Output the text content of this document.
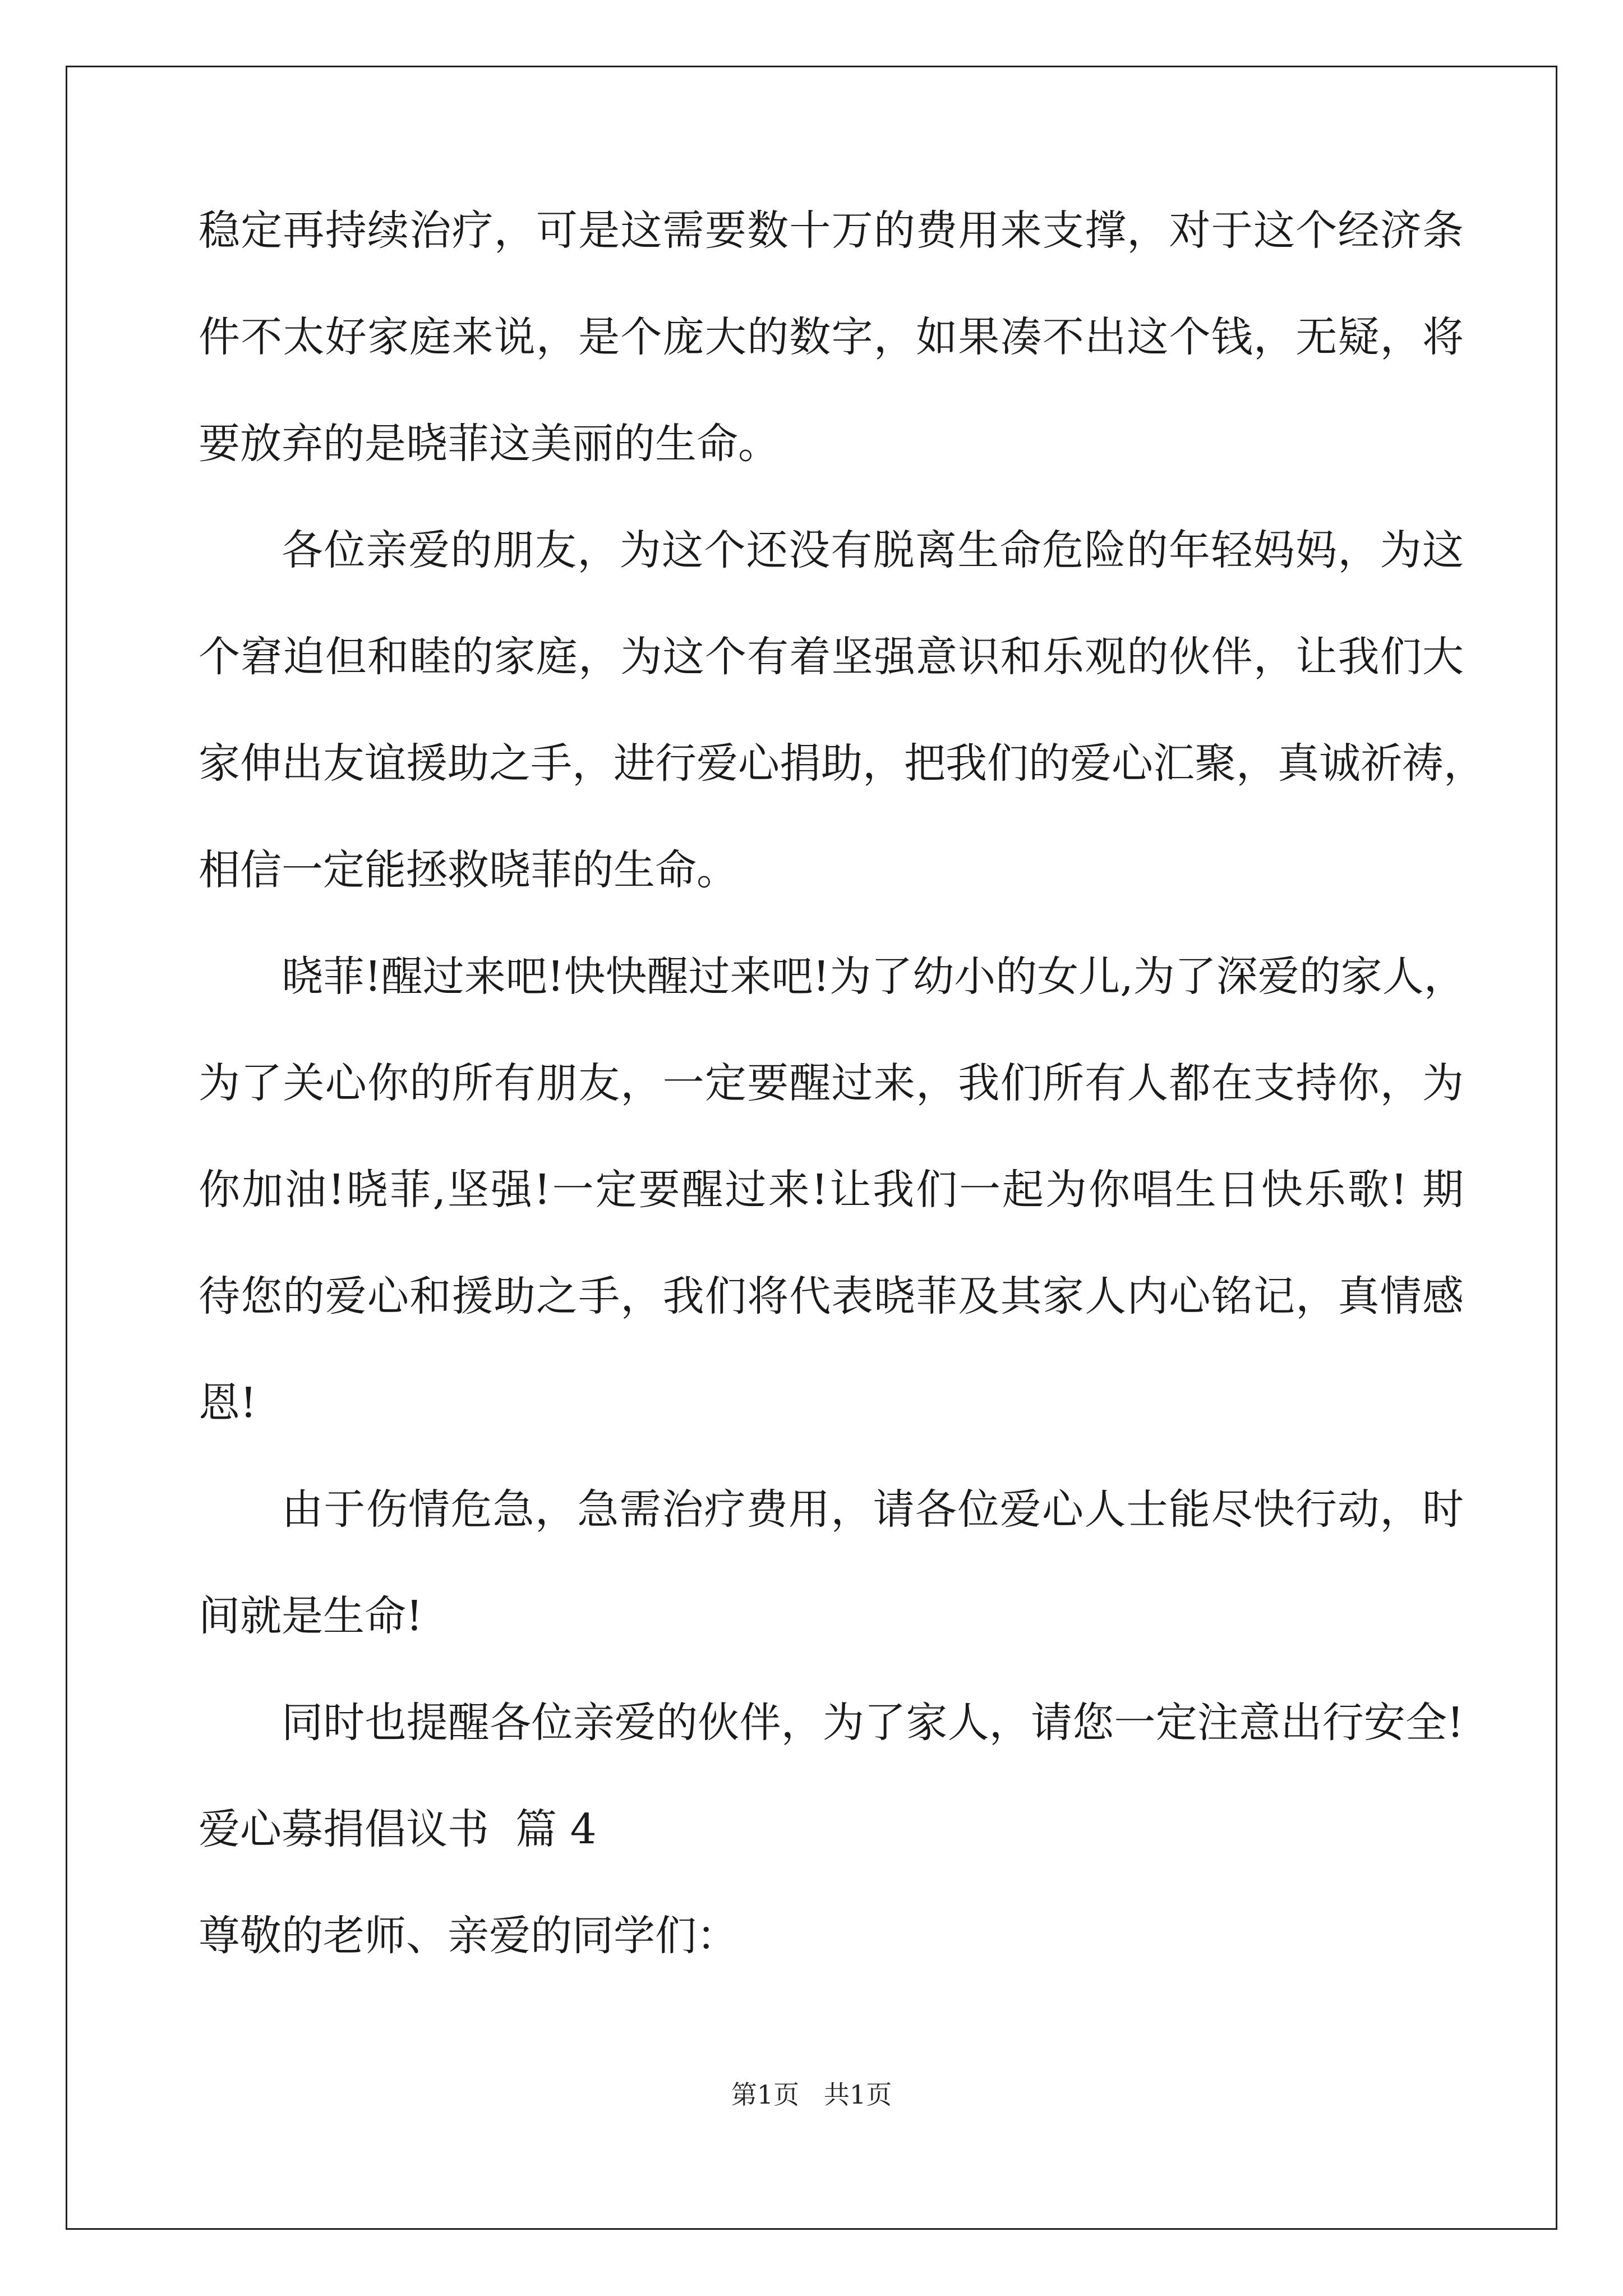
稳定再持续治疗，可是这需要数十万的费用来支撑，对于这个经济条
件不太好家庭来说，是个庞大的数字，如果凑不出这个钱，无疑，将
要放弃的是晓菲这美丽的生命。
各位亲爱的朋友，为这个还没有脱离生命危险的年轻妈妈，为这
个窘迫但和睦的家庭，为这个有着坚强意识和乐观的伙伴，让我们大
家伸出友谊援助之手，进行爱心捐助，把我们的爱心汇聚，真诚祈祷，
相信一定能拯救晓菲的生命。
晓菲!醒过来吧!快快醒过来吧!为了幼小的女儿,为了深爱的家人，
为了关心你的所有朋友，一定要醒过来，我们所有人都在支持你，为
你加油!晓菲,坚强!一定要醒过来!让我们一起为你唱生日快乐歌! 期
待您的爱心和援助之手，我们将代表晓菲及其家人内心铭记，真情感
恩!
由于伤情危急，急需治疗费用，请各位爱心人士能尽快行动，时
间就是生命!
同时也提醒各位亲爱的伙伴，为了家人，请您一定注意出行安全!
爱心募捐倡议书  篇 4
尊敬的老师、亲爱的同学们：
第1页   共1页
